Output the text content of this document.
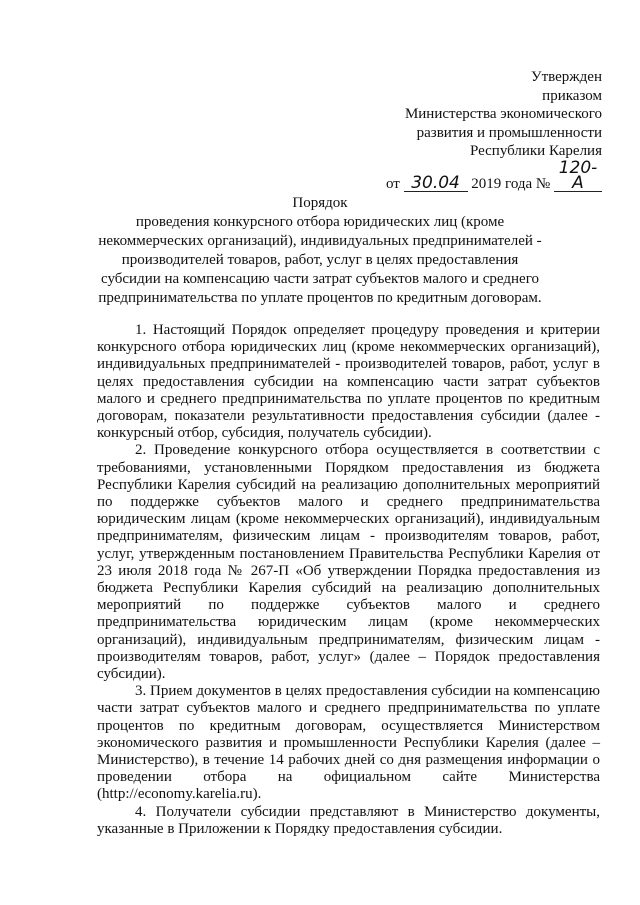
Утвержден
приказом
Министерства экономического
развития и промышленности
Республики Карелия
от 30.04 2019 года № 120-А
Порядок
проведения конкурсного отбора юридических лиц (кроме некоммерческих организаций), индивидуальных предпринимателей - производителей товаров, работ, услуг в целях предоставления субсидии на компенсацию части затрат субъектов малого и среднего предпринимательства по уплате процентов по кредитным договорам.

1. Настоящий Порядок определяет процедуру проведения и критерии конкурсного отбора юридических лиц (кроме некоммерческих организаций), индивидуальных предпринимателей - производителей товаров, работ, услуг в целях предоставления субсидии на компенсацию части затрат субъектов малого и среднего предпринимательства по уплате процентов по кредитным договорам, показатели результативности предоставления субсидии (далее - конкурсный отбор, субсидия, получатель субсидии).

2. Проведение конкурсного отбора осуществляется в соответствии с требованиями, установленными Порядком предоставления из бюджета Республики Карелия субсидий на реализацию дополнительных мероприятий по поддержке субъектов малого и среднего предпринимательства юридическим лицам (кроме некоммерческих организаций), индивидуальным предпринимателям, физическим лицам - производителям товаров, работ, услуг, утвержденным постановлением Правительства Республики Карелия от 23 июля 2018 года № 267-П «Об утверждении Порядка предоставления из бюджета Республики Карелия субсидий на реализацию дополнительных мероприятий по поддержке субъектов малого и среднего предпринимательства юридическим лицам (кроме некоммерческих организаций), индивидуальным предпринимателям, физическим лицам - производителям товаров, работ, услуг» (далее – Порядок предоставления субсидии).

3. Прием документов в целях предоставления субсидии на компенсацию части затрат субъектов малого и среднего предпринимательства по уплате процентов по кредитным договорам, осуществляется Министерством экономического развития и промышленности Республики Карелия (далее – Министерство), в течение 14 рабочих дней со дня размещения информации о проведении отбора на официальном сайте Министерства (http://economy.karelia.ru).

4. Получатели субсидии представляют в Министерство документы, указанные в Приложении к Порядку предоставления субсидии.
